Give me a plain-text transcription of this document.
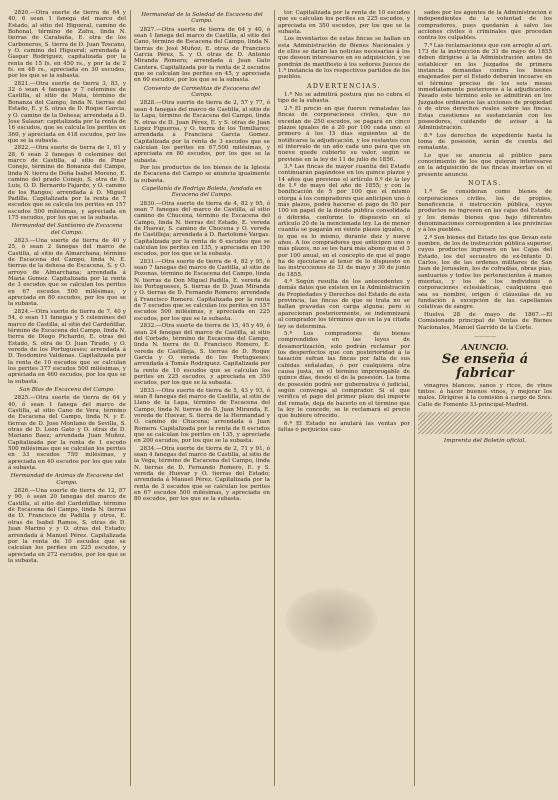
2820.—Otra suerte de tierra de 64 y 40, 6 sean 1 fanega del marco del Estado, al sitio del Higueral, camino de Bohonal, término de Zafra, linda N. tierras de Carabaña, E. otra de los Carboneros, S. tierra de D. Juan Toscano, y O. camino del Higueral; arrendada á Gaspar Rodriguez, capitalizada por la renta de 15 fs. en 450 rs., y por la de 2 fs. en 48 rs., apreciada en 30 escudos, por los que se la subasta.

2821.—Otra suerte de tierra 3, 83, y 32 ó sean 4 fanegas y 7 celemines de Castilla, al sitio de Mata, término de Bonanza del Campo, linda N. tierras del Estado, E. y S. otras de D. Roque Garcia, y O. camino de la Dehesa; arrendada á D. Jose Salazar: capitalizada por la renta de 16 escudos, que se calcula los perites en 360, y apreciada en 418 escudos, por los que se la subasta.

2822.—Otra suerte de tierra de 1, 61 y 28, 6 sean 2 fanegas 6 celemines del marco de Castilla, al sitio de Pinar Conejo, término de Bonanza del Campo, linda N. tierra de Doña Isabel Moreno, E. camino del prado Conejo, S. otra de D. Luis, O. D. Bernardo Fajardo, y O. camino de los Rangos; arrendada á D. Miguel Padilla. Capitalizada por la renta de 7 escudos que se calcula los perites en 157 escudos 500 milésimas, y apreciada en 175 escudos, por los que se la subasta.

Hermandad del Santísimo de Escacena del Campo.

2823.—Una suerte de tierra de 40 y 25, ó sean 2 fanegas del marco de Castilla, al sitio de Almarchana, término de Escacena del Campo, linda N. E. tierras de la dehesa de Escacena, S. y O. arroyo de Almarchana; arrendada á Maria Gomez. Capitalizada por la renta de 3 escudos que se calculan los perites en 67 escudos 500 milésimas, y apreciada en 80 escudos, por los que se la subasta.

2824.—Otra suerte de tierra de 7, 40 y 54, ó sean 11 fanegas y 5 celemines del marco de Castilla, al sitio del Cardeñillar, término de Escacena del Campo, linda N. tierra de Diego Pichardo, E. otras del Estado, S. otra de D. Juan Tirado, y O. vereda de los Portugueses; arrendada á D. Teodomiro Valdenas. Capitalizada por la renta de 10 escudos que se calculan los perites 377 escudos 500 milésimas, y apreciada en 460 escudos, por los que se la subasta.

San Blas de Escacena del Campo.

2825.—Otra suerte de tierra de 64 y 40, ó sean 1 fanega del marco de Castilla, al sitio Cano de Vera, término de Escacena del Campo, linda N. y E. tierras de D. Jose Montano de Sevilla, S. otras de D. Leon Gato y O. otras de D. Mariano Baez; arrendada Juan Muñoz. Capitalizada por la renta de 1 escudo 500 milésimas que se calculan los perites en 33 escudos 750 milésimas, y apreciada en 40 escudos por los que sale á subasta.

Hermandad de Animas de Escacena del Campo.

2826.—Una suerte de tierra de 12, 87 y 90, ó sean 20 fanegas del marco de Castilla, al sitio del Cardeñillar, término de Escacena del Campo, linda N. tierras de D. Francisco de Padilla y otros, E. otras de Isabel Ramos, S. otras de D. Juan Marino y y O. otras del Estado; arrendada á Manuel Pérez. Capitalizada por la renta de 10 escudos que se calculan los perites en 225 escudos, y apreciada en 272 escudos, por los que se la subasta.

Hermandad de la Soledad de Escacena del Campo.

2827.—Otra suerte de tierra de 64 y 40, ó sean 1 fanega del marco de Castilla, al sitio del Cano, término de Escacena del Campo, linda N. tierras de José Muñoz, E. otras de Francisco Garcia Pérez, S. y O. otras de D. Antonio Miranda Romero; arrendada á Juan Gato Cantera. Capitalizada por la renta de 2 escudos que se calculan los perites en 45, y apreciada en 60 escudos, por los que se la subasta.

Convento de Carmelitas de Escacena del Campo.

2828.—Otra suerte de tierra de 2, 57 y 77, ó sean 4 fanegas del marco de Castilla, al sitio de la Lapa, término de Escacena del Campo, linda N. otras de D. Juan Pérez, E. y S. otras de Juan Lopez Figueroa, y O. tierra de los Tomillares; arrendada á Francisca Garcia Gomez. Capitalizada por la renta de 3 escudos que se calculan los perites en 67,500 milésimas, y apreciada en 80 escudos, por los que se la subasta.

Por los productos de los bienes de la Iglesia de Escacena del Campo se anuncia igualmente la subasta.

Capellanía de Rodrigo Boleda, fundada en Escacena del Campo.

2830.—Otra suerte de tierra de 4, 82 y 95, ó sean 7 fanegas del marco de Castilla, al sitio camino de Chucena, término de Escacena del Campo, linda N. tierras del Estado, E. vereda de Huevar, S. camino de Chucena y O. vereda de Castilleja; arrendada á D. Bartolomé Vargas. Capitalizada por la renta de 6 escudos que se calculan los perites en 135, y apreciada en 150 escudos, por los que se la subasta.

2831.—Otra suerte de tierra de 4, 82 y 95, ó sean 7 fanegas del marco de Castilla, al sitio de Pozonas, término de Escacena del Campo, linda N. tierras de Don Miguel Padilla, E. vereda de los Portugueses, S. tierras de D. Juan Miranda y O. tierras de D. Fernando Romero; arrendada á Francisco Romero. Capitalizada por la renta de 7 escudos que se calculan los perites en 157 escudos 500 milésimas, y apreciada en 225 escudos, por los que se la subasta.

2832.—Otra suerte de tierra de 15, 45 y 49, ó sean 24 fanegas del marco de Castilla, al sitio del Cortado, término de Escacena del Campo, linda N. tierra de D. Francisco Romero, E. vereda de Castilleja, S. tierras de D. Roque Garcia y O. vereda de los Portugueses; arrendada á Tomás Rodriguez. Capitalizada por la renta de 10 escudos que se calculan los perites en 225 escudos, y apreciada en 350 escudos, por los que se la subasta.

2833.—Otra suerte de tierra de 5, 43 y 93, ó sean 8 fanegas del marco de Castilla, al sitio de Llano de la Lapa, término de Escacena del Campo, linda N. tierras de D. Juan Miranda, E. vereda de Huevar, S. tierra de la Hermandad y O. camino de Chucena; arrendada á Juan Romero. Capitalizada por la renta de 6 escudos que se calculan los perites en 135, y apreciada en 200 escudos, por los que se la subasta.

2834.—Otra suerte de tierra de 2, 71 y 91, ó sean 4 fanegas del marco de Castilla, al sitio de la Vega, término de Escacena del Campo, linda N. tierras de D. Fernando Romero, E. y S. vereda de Huevar y O. tierras del Estado; arrendada á Manuel Pérez. Capitalizada por la renta de 3 escudos que se calculan los perites en 67 escudos 500 milésimas, y apreciada en 80 escudos, por los que se la subasta.

tor. Capitalizada por la renta de 10 escudos que se calculan los perites en 225 escudos, y apreciada en 350 escudos, por los que se la subasta.

Los inventarios de estas fincas se hallan en esta Administración de Bienes Nacionales y de ellos se darán las noticias necesarias á los que deseen interesarse en su adquisición, y se pondrán de manifiesto á los señores Jueces de 1.ª instancia de los respectivos partidos de los pueblos.

ADVERTENCIAS.

1.ª No se admitirá postura que no cubra el tipo de la subasta.

2.ª El precio en que fueren rematadas las fincas de corporaciones civiles, que no excedan de 250 escudos, se pagará en cinco plazos iguales de á 20 por 100 cada uno: el primero á los 15 días siguientes al de notificarse la adjudicación, y los restantes con el intervalo de un año cada uno para que en nueve quede cubierto su valor, según se previene en la ley de 11 de julio de 1856.

3.ª Las fincas de mayor cuantía del Estado continuarán pagándose en los quince plazos y 14 años que previene el artículo 6.º de la ley de 1.º de mayo del año de 1855; y con la bonificación de 5 por 100 que el mismo otorga á los compradores que anticipen uno ó más plazos, podrá hacerse el pago de 50 por 100 en papel de la deuda pública consolidada ó diferida, conforme lo dispuesto en el artículo 20 de la mencionada ley. La de menor cuantía se pagarán en veinte plazos iguales, ó lo que es lo mismo, durante diez y nueve años. A los compradores que anticipen uno ó más plazos, no se les hará más abono que el 3 por 100 anual, en el concepto de que el pago ha de ejecutarse al tenor de lo dispuesto en las instrucciones de 31 de mayo y 30 de junio de 1855.

4.ª Según resulta de los antecedentes y demás datos que existen en la Administración de Propiedades y Derechos del Estado de esta provincia, las fincas de que se trata no se hallan gravadas con carga alguna; pero si aparecieran posteriormente, se indemnizará al comprador los términos que en la ya citada ley se determina.

5.ª Los compradores de bienes comprendidos en las leyes de desamortización, solo podrán reclamar por los desperfectos que con posterioridad á la tasación sufran las fincas por falta de sus cabidas señaladas, ó por cualquiera otra causa justa, en el término improrogable de quince días, desde el de la posesión. La toma de posesión podrá ser gubernativa ó judicial, según convenga al comprador. Si el que verifica el pago del primer plazo del importe del remate, deja de hacerlo en el término que la ley le concede, se le reclamará el precio que hubiere ofrecido.

6.ª El Estado no anulará las ventas por faltas ó perjuicios cau-

sados por los agentes de la Administración é independientes de la voluntad de los compradores, pues quedarán á salvo las acciones civiles ó criminales que procedan contra los culpables.

7.ª Las reclamaciones que con arreglo al art. 173 de la instrucción de 31 de mayo de 1855 deben dirigirse á la Administración antes de establecer en los Juzgados de primera instancia demandas contra los bienes enajenados por el Estado deberán incoarse en el término preciso de los seis meses inmediatamente posteriores á la adjudicación. Pasado este término solo se admitirán en los Juzgados ordinarios las acciones de propiedad ó de otros derechos reales sobre las fincas. Estas cuestiones se sustanciarán con los poseedores, cuidando de avisar á la Administración.

8.ª Los derechos de expediente hasta la toma de posesión, serán de cuenta del rematante.

Lo que se anuncia al público para conocimiento de los que quieran interesarse en la adquisición de las fincas insertas en el presente anuncio.

NOTAS.

1.ª Se consideran como bienes de corporaciones civiles, los de propios, beneficencia é instrucción pública, cuyos productos no ingresen en las cajas del Estado, y los demás bienes que bajo diferentes denominaciones corresponden á las provincias y á los pueblos.

2.ª Son bienes del Estado los que llevan este nombre, de los de instrucción pública superior, cuyos productos ingresen en las Cajas del Estado, los del secuestro de ex-Infante D. Cárlos, los de las ordenes militares de San Juan de Jerusalen, los de cofradías, obras pías, santuarios y todos los pertenecientes á manos muertas, y los de los individuos ó corporaciones eclesiásticas, cualquiera que sea su nombre, origen ó cláusulas de su fundación á excepción de las capellanías colativas de sangre.

Huelva 28 de mayo de 1867.—El Comisionado principal de Ventas de Bienes Nacionales, Manuel Garrido de la Corte.

————

ANUNCIO.

Se enseña á fabricar

vinagres blancos, sanos y ricos, de vinos tintos: á hacer buenos vinos, y mejorar los malos. Dirigirse á la comisión á cargo de Sres. Calle de Fomento 33-principal-Madrid.

Imprenta del Boletín oficial.
